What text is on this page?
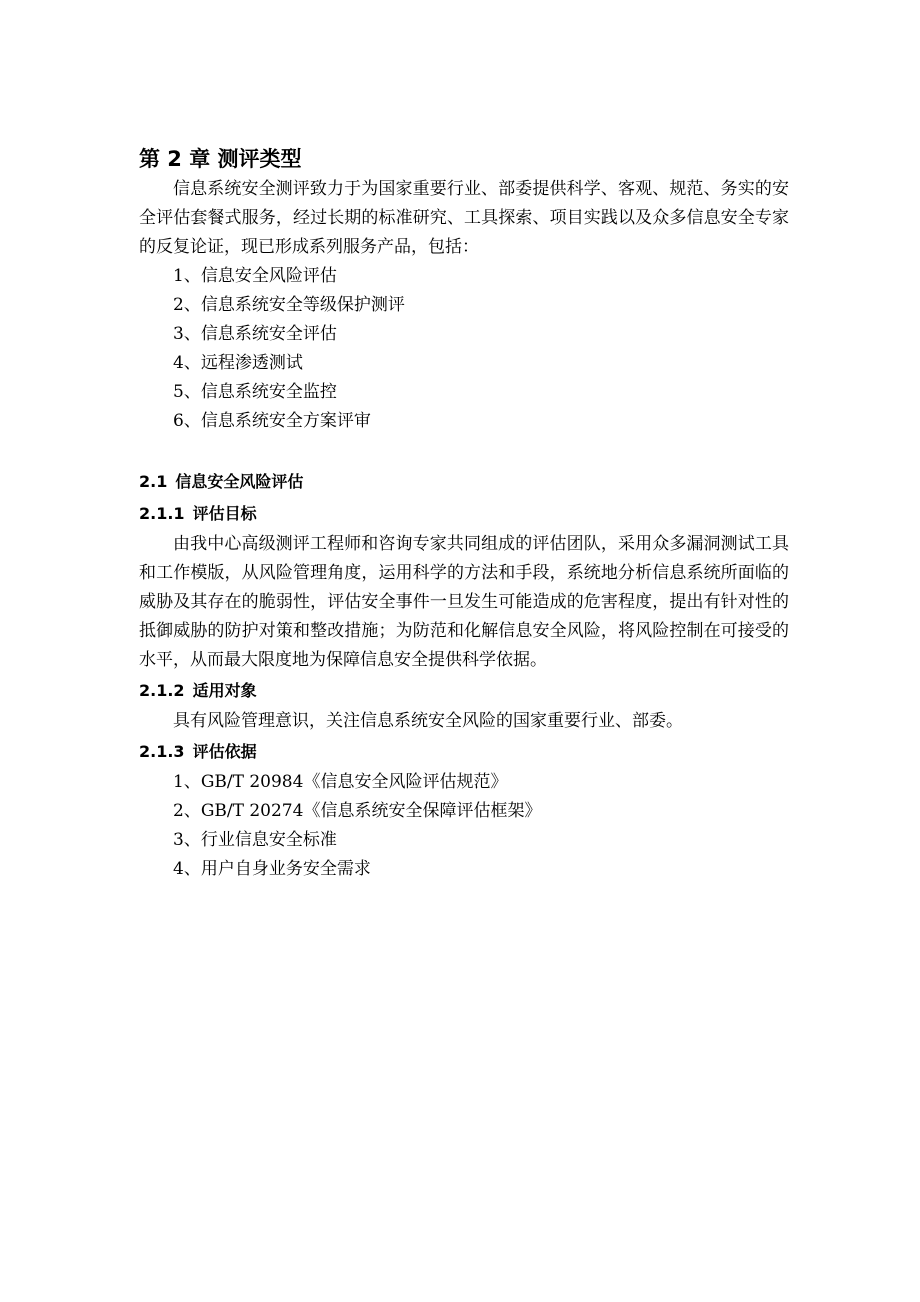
第 2 章 测评类型

信息系统安全测评致力于为国家重要行业、部委提供科学、客观、规范、务实的安全评估套餐式服务，经过长期的标准研究、工具探索、项目实践以及众多信息安全专家的反复论证，现已形成系列服务产品，包括：

1、信息安全风险评估
2、信息系统安全等级保护测评
3、信息系统安全评估
4、远程渗透测试
5、信息系统安全监控
6、信息系统安全方案评审
2.1 信息安全风险评估
2.1.1 评估目标

由我中心高级测评工程师和咨询专家共同组成的评估团队，采用众多漏洞测试工具和工作模版，从风险管理角度，运用科学的方法和手段，系统地分析信息系统所面临的威胁及其存在的脆弱性，评估安全事件一旦发生可能造成的危害程度，提出有针对性的抵御威胁的防护对策和整改措施；为防范和化解信息安全风险，将风险控制在可接受的水平，从而最大限度地为保障信息安全提供科学依据。

2.1.2 适用对象

具有风险管理意识，关注信息系统安全风险的国家重要行业、部委。

2.1.3 评估依据
1、GB/T 20984《信息安全风险评估规范》
2、GB/T 20274《信息系统安全保障评估框架》
3、行业信息安全标准
4、用户自身业务安全需求
